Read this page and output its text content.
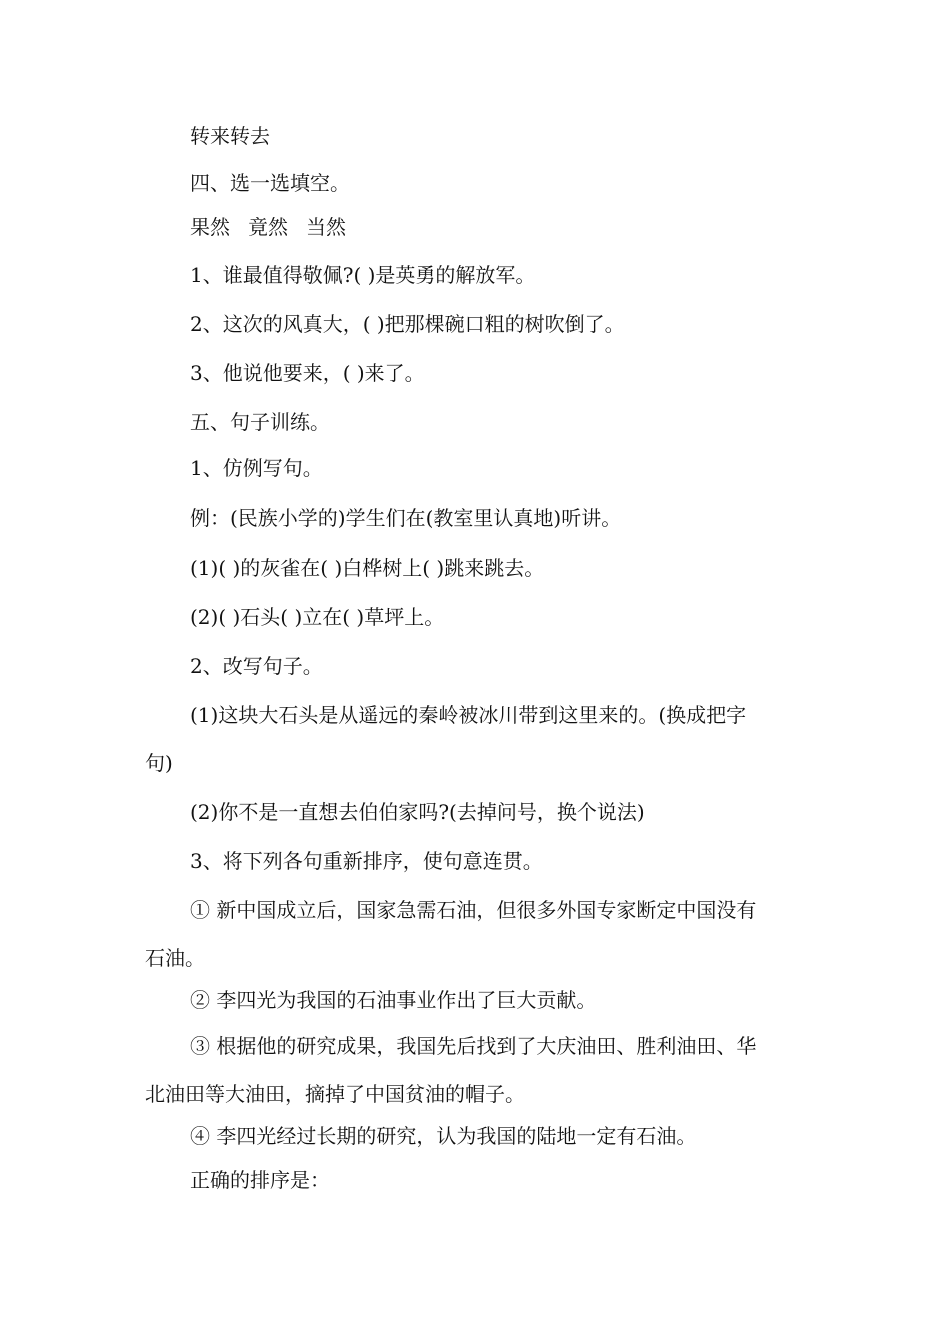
转来转去
四、选一选填空。
果然 竟然 当然
1、谁最值得敬佩?( )是英勇的解放军。
2、这次的风真大，( )把那棵碗口粗的树吹倒了。
3、他说他要来，( )来了。
五、句子训练。
1、仿例写句。
例：(民族小学的)学生们在(教室里认真地)听讲。
(1)( )的灰雀在( )白桦树上( )跳来跳去。
(2)( )石头( )立在( )草坪上。
2、改写句子。
(1)这块大石头是从遥远的秦岭被冰川带到这里来的。(换成把字
句)
(2)你不是一直想去伯伯家吗?(去掉问号，换个说法)
3、将下列各句重新排序，使句意连贯。
① 新中国成立后，国家急需石油，但很多外国专家断定中国没有
石油。
② 李四光为我国的石油事业作出了巨大贡献。
③ 根据他的研究成果，我国先后找到了大庆油田、胜利油田、华
北油田等大油田，摘掉了中国贫油的帽子。
④ 李四光经过长期的研究，认为我国的陆地一定有石油。
正确的排序是：
